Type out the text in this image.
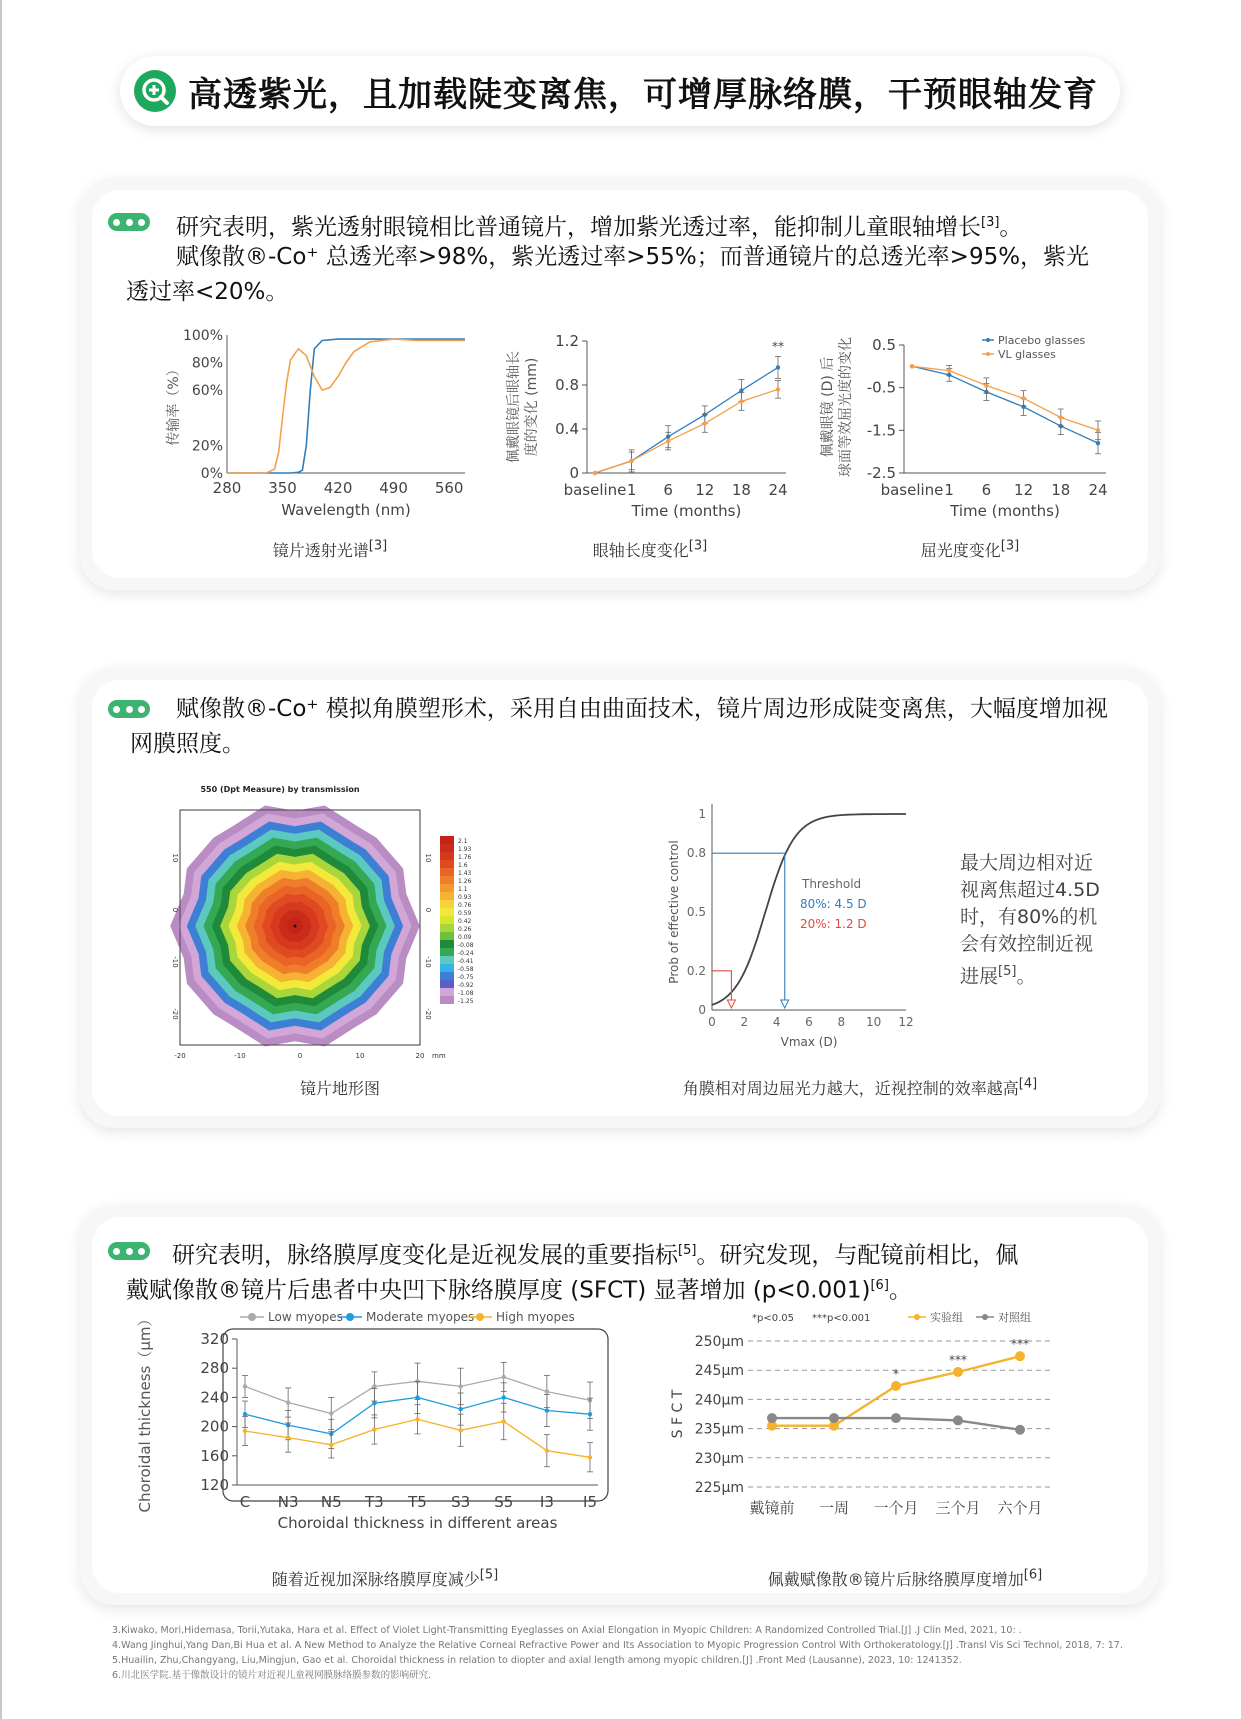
高透紫光，且加载陡变离焦，可增厚脉络膜，干预眼轴发育
研究表明，紫光透射眼镜相比普通镜片，增加紫光透过率，能抑制儿童眼轴增长[3]。
赋像散®-Co⁺ 总透光率>98%，紫光透过率>55%；而普通镜片的总透光率>95%，紫光
透过率<20%。
0%
20%
60%
80%
100%
280 350 420 490 560
Wavelength (nm)
传输率（%）
镜片透射光谱[3]
0
0.4
0.8
1.2
baseline 1 6 12 18 24
Time (months)
**
佩戴眼镜后眼轴长 度的变化 (mm)
眼轴长度变化[3]
0.5
-0.5
-1.5
-2.5
baseline 1 6 12 18 24
Time (months)
佩戴眼镜 (D) 后 球面等效屈光度的变化	Placebo glasses
VL glasses
屈光度变化[3]
赋像散®-Co⁺ 模拟角膜塑形术，采用自由曲面技术，镜片周边形成陡变离焦，大幅度增加视
网膜照度。
550 (Dpt Measure) by transmission
-20	-10	0	10	20 mm
10	10
0	0
-10	-10
-20	-20
2.1
1.93
1.76
1.6
1.43
1.26
1.1
0.93
0.76
0.59
0.42
0.26
0.09
-0.08
-0.24
-0.41
-0.58
-0.75
-0.92
-1.08
-1.25
镜片地形图
0
0.2
0.5
0.8
1
0 2 4 6 8 10 12
Vmax (D)
Prob of effective control	80%: 4.5 D
20%: 1.2 D
Threshold
角膜相对周边屈光力越大，近视控制的效率越高[4]
最大周边相对近
视离焦超过4.5D
时，有80%的机
会有效控制近视
进展[5]。
研究表明，脉络膜厚度变化是近视发展的重要指标[5]。研究发现，与配镜前相比，佩
戴赋像散®镜片后患者中央凹下脉络膜厚度 (SFCT) 显著增加 (p<0.001)[6]。
120
160
200
240
280
320
C N3 N5 T3 T5 S3 S5 I3 I5
Choroidal thickness in different areas
Choroidal thickness（μm）	Low myopes Moderate myopes High myopes
随着近视加深脉络膜厚度减少[5]
225μm
230μm
235μm
240μm
245μm
250μm
戴镜前 一周 一个月 三个月 六个月
S F C T
*
***
***
*p<0.05 ***p<0.001	实验组	对照组
佩戴赋像散®镜片后脉络膜厚度增加[6]
3.Kiwako, Mori,Hidemasa, Torii,Yutaka, Hara et al. Effect of Violet Light-Transmitting Eyeglasses on Axial Elongation in Myopic Children: A Randomized Controlled Trial.[J] .J Clin Med, 2021, 10: .
4.Wang Jinghui,Yang Dan,Bi Hua et al. A New Method to Analyze the Relative Corneal Refractive Power and Its Association to Myopic Progression Control With Orthokeratology.[J] .Transl Vis Sci Technol, 2018, 7: 17.
5.Huailin, Zhu,Changyang, Liu,Mingjun, Gao et al. Choroidal thickness in relation to diopter and axial length among myopic children.[J] .Front Med (Lausanne), 2023, 10: 1241352.
6.川北医学院.基于像散设计的镜片对近视儿童视网膜脉络膜参数的影响研究.
